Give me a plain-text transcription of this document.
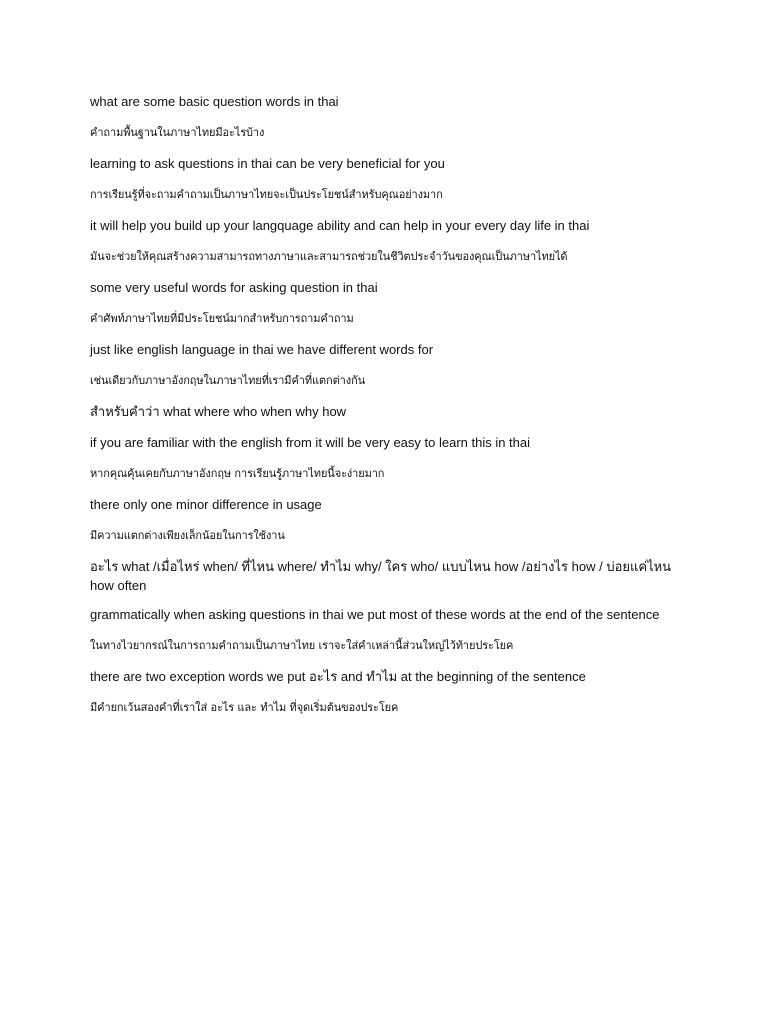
what are some basic question words in thai

คำถามพื้นฐานในภาษาไทยมีอะไรบ้าง

learning to ask questions in thai can be very beneficial for you

การเรียนรู้ที่จะถามคำถามเป็นภาษาไทยจะเป็นประโยชน์สำหรับคุณอย่างมาก

it will help you build up your langquage ability and can help in your every day life in thai

มันจะช่วยให้คุณสร้างความสามารถทางภาษาและสามารถช่วยในชีวิตประจำวันของคุณเป็นภาษาไทยได้

some very useful words for asking question in thai

คำศัพท์ภาษาไทยที่มีประโยชน์มากสำหรับการถามคำถาม

just like english language in thai we have different words for

เช่นเดียวกับภาษาอังกฤษในภาษาไทยที่เรามีคำที่แตกต่างกัน

สำหรับคำว่า what where who when why how

if you are familiar with the english from it will be very easy to learn this in thai

หากคุณคุ้นเคยกับภาษาอังกฤษ การเรียนรู้ภาษาไทยนี้จะง่ายมาก

there only one minor difference in usage

มีความแตกต่างเพียงเล็กน้อยในการใช้งาน

อะไร what /เมื่อไหร่ when/ ที่ไหน where/ ทำไม why/ ใคร who/ แบบไหน how /อย่างไร how / บ่อยแค่ไหน how often

grammatically when asking questions in thai we put most of these words at the end of the sentence

ในทางไวยากรณ์ในการถามคำถามเป็นภาษาไทย เราจะใส่คำเหล่านี้ส่วนใหญ่ไว้ท้ายประโยค

there are two exception words we put อะไร and ทำไม at the beginning of the sentence

มีคำยกเว้นสองคำที่เราใส่ อะไร และ ทำไม ที่จุดเริ่มต้นของประโยค
